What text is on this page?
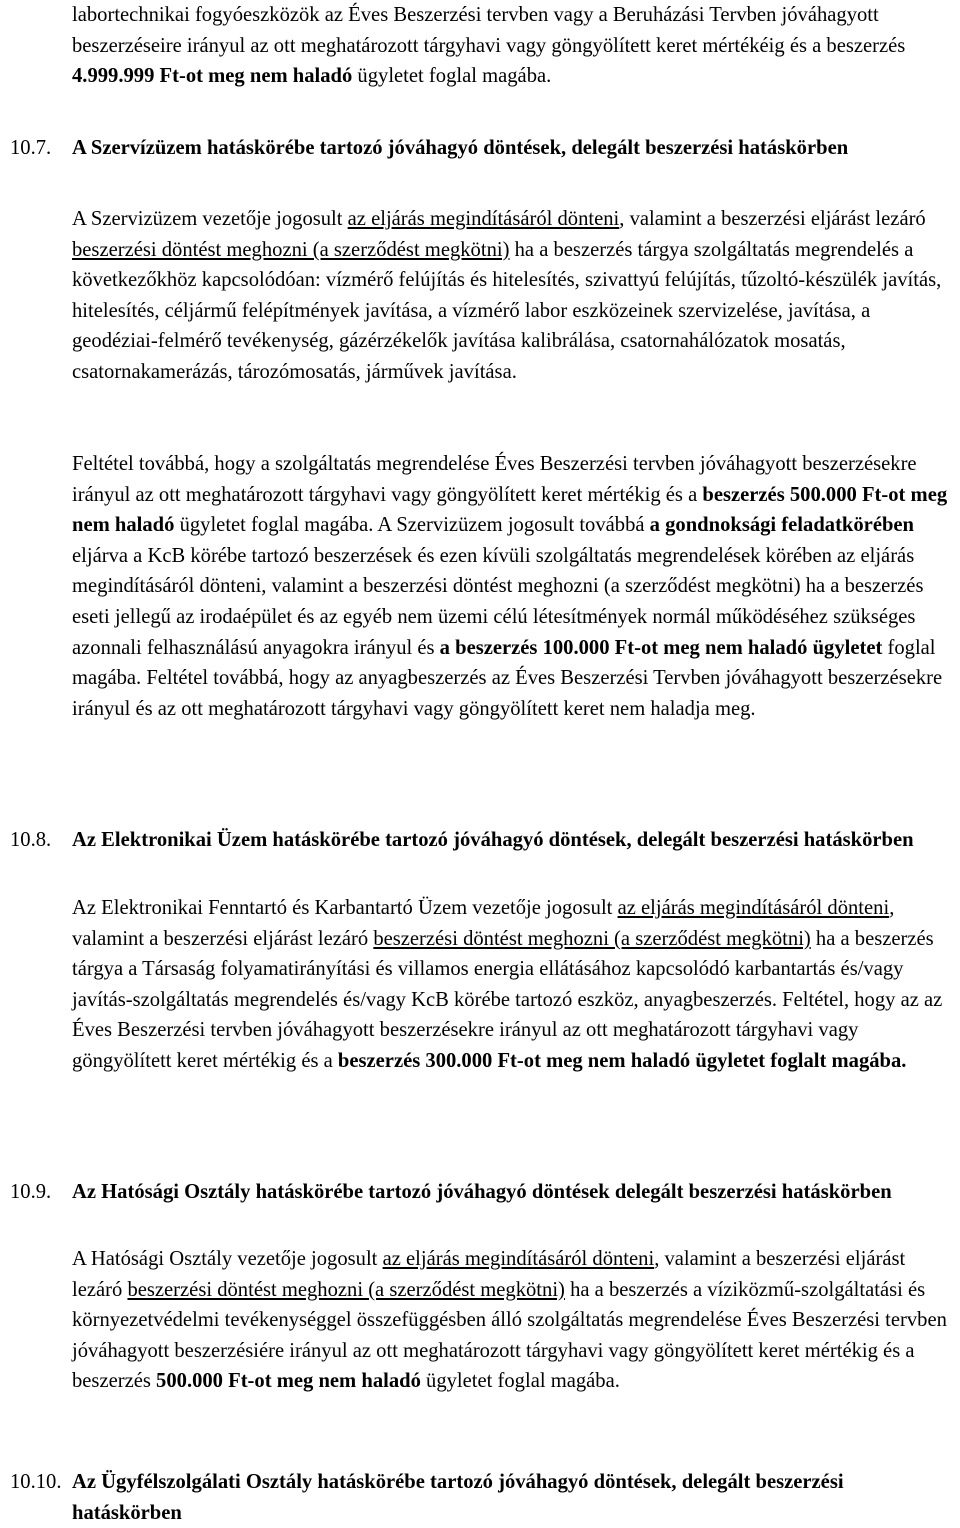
labortechnikai fogyóeszközök az Éves Beszerzési tervben vagy a Beruházási Tervben jóváhagyott beszerzéseire irányul az ott meghatározott tárgyhavi vagy göngyölített keret mértékéig és a beszerzés 4.999.999 Ft-ot meg nem haladó ügyletet foglal magába.

10.7. A Szervízüzem hatáskörébe tartozó jóváhagyó döntések, delegált beszerzési hatáskörben

A Szervizüzem vezetője jogosult az eljárás megindításáról dönteni, valamint a beszerzési eljárást lezáró beszerzési döntést meghozni (a szerződést megkötni) ha a beszerzés tárgya szolgáltatás megrendelés a következőkhöz kapcsolódóan: vízmérő felújítás és hitelesítés, szivattyú felújítás, tűzoltó-készülék javítás, hitelesítés, céljármű felépítmények javítása, a vízmérő labor eszközeinek szervizelése, javítása, a geodéziai-felmérő tevékenység, gázérzékelők javítása kalibrálása, csatornahálózatok mosatás, csatornakamerázás, tározómosatás, járművek javítása.

Feltétel továbbá, hogy a szolgáltatás megrendelése Éves Beszerzési tervben jóváhagyott beszerzésekre irányul az ott meghatározott tárgyhavi vagy göngyölített keret mértékig és a beszerzés 500.000 Ft-ot meg nem haladó ügyletet foglal magába. A Szervizüzem jogosult továbbá a gondnoksági feladatkörében eljárva a KcB körébe tartozó beszerzések és ezen kívüli szolgáltatás megrendelések körében az eljárás megindításáról dönteni, valamint a beszerzési döntést meghozni (a szerződést megkötni) ha a beszerzés eseti jellegű az irodaépület és az egyéb nem üzemi célú létesítmények normál működéséhez szükséges azonnali felhasználású anyagokra irányul és a beszerzés 100.000 Ft-ot meg nem haladó ügyletet foglal magába. Feltétel továbbá, hogy az anyagbeszerzés az Éves Beszerzési Tervben jóváhagyott beszerzésekre irányul és az ott meghatározott tárgyhavi vagy göngyölített keret nem haladja meg.

10.8. Az Elektronikai Üzem hatáskörébe tartozó jóváhagyó döntések, delegált beszerzési hatáskörben

Az Elektronikai Fenntartó és Karbantartó Üzem vezetője jogosult az eljárás megindításáról dönteni, valamint a beszerzési eljárást lezáró beszerzési döntést meghozni (a szerződést megkötni) ha a beszerzés tárgya a Társaság folyamatirányítási és villamos energia ellátásához kapcsolódó karbantartás és/vagy javítás-szolgáltatás megrendelés és/vagy KcB körébe tartozó eszköz, anyagbeszerzés. Feltétel, hogy az az Éves Beszerzési tervben jóváhagyott beszerzésekre irányul az ott meghatározott tárgyhavi vagy göngyölített keret mértékig és a beszerzés 300.000 Ft-ot meg nem haladó ügyletet foglalt magába.

10.9. Az Hatósági Osztály hatáskörébe tartozó jóváhagyó döntések delegált beszerzési hatáskörben

A Hatósági Osztály vezetője jogosult az eljárás megindításáról dönteni, valamint a beszerzési eljárást lezáró beszerzési döntést meghozni (a szerződést megkötni) ha a beszerzés a víziközmű-szolgáltatási és környezetvédelmi tevékenységgel összefüggésben álló szolgáltatás megrendelése Éves Beszerzési tervben jóváhagyott beszerzésiére irányul az ott meghatározott tárgyhavi vagy göngyölített keret mértékig és a beszerzés 500.000 Ft-ot meg nem haladó ügyletet foglal magába.

10.10. Az Ügyfélszolgálati Osztály hatáskörébe tartozó jóváhagyó döntések, delegált beszerzési hatáskörben
